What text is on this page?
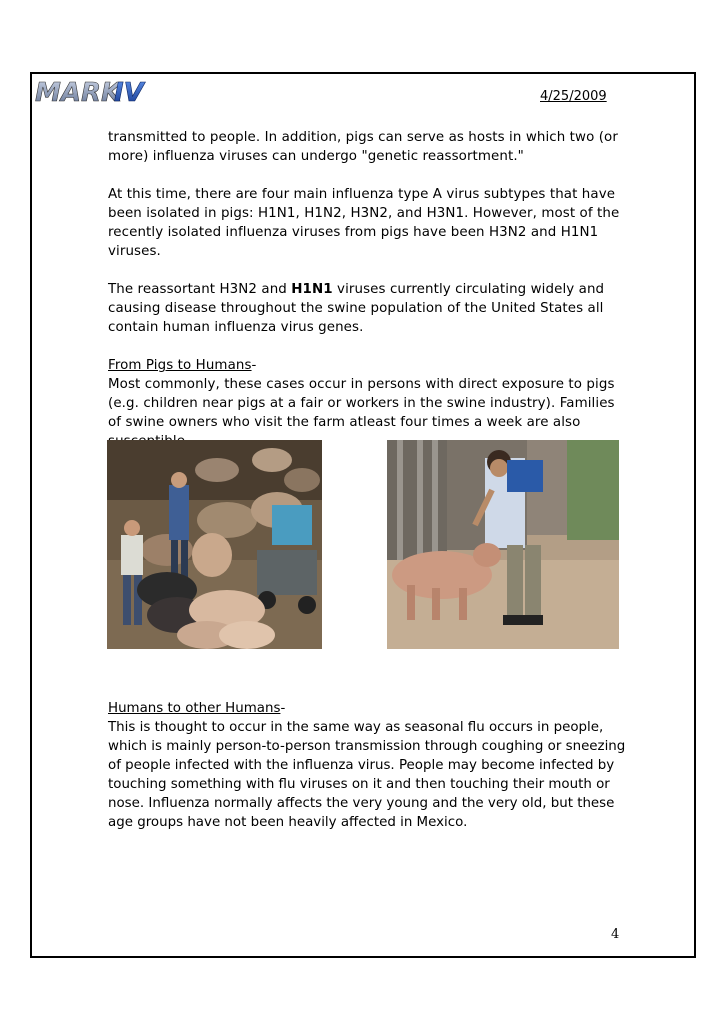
MARK
IV	4/25/2009

transmitted to people. In addition, pigs can serve as hosts in which two (or more) influenza viruses can undergo "genetic reassortment."

At this time, there are four main influenza type A virus subtypes that have been isolated in pigs: H1N1, H1N2, H3N2, and H3N1. However, most of the recently isolated influenza viruses from pigs have been H3N2 and H1N1 viruses.

The reassortant H3N2 and H1N1 viruses currently circulating widely and causing disease throughout the swine population of the United States all contain human influenza virus genes.

From Pigs to Humans-
Most commonly, these cases occur in persons with direct exposure to pigs (e.g. children near pigs at a fair or workers in the swine industry). Families of swine owners who visit the farm atleast four times a week are also
Humans to other Humans-

This is thought to occur in the same way as seasonal flu occurs in people, which is mainly person-to-person transmission through coughing or sneezing of people infected with the influenza virus. People may become infected by touching something with flu viruses on it and then touching their mouth or nose. Influenza normally affects the very young and the very old, but these age groups have not been heavily affected in Mexico.

4
